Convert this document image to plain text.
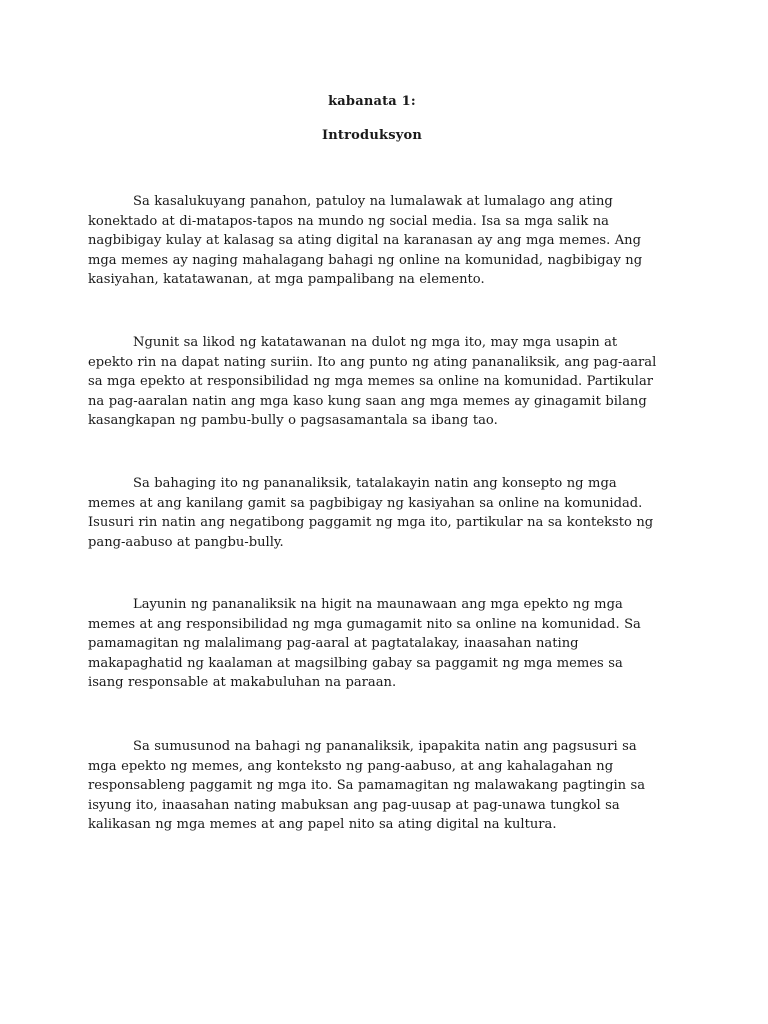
kabanata 1:
Introduksyon

Sa kasalukuyang panahon, patuloy na lumalawak at lumalago ang ating konektado at di-matapos-tapos na mundo ng social media. Isa sa mga salik na nagbibigay kulay at kalasag sa ating digital na karanasan ay ang mga memes. Ang mga memes ay naging mahalagang bahagi ng online na komunidad, nagbibigay ng kasiyahan, katatawanan, at mga pampalibang na elemento.

Ngunit sa likod ng katatawanan na dulot ng mga ito, may mga usapin at epekto rin na dapat nating suriin. Ito ang punto ng ating pananaliksik, ang pag-aaral sa mga epekto at responsibilidad ng mga memes sa online na komunidad. Partikular na pag-aaralan natin ang mga kaso kung saan ang mga memes ay ginagamit bilang kasangkapan ng pambu-bully o pagsasamantala sa ibang tao.

Sa bahaging ito ng pananaliksik, tatalakayin natin ang konsepto ng mga memes at ang kanilang gamit sa pagbibigay ng kasiyahan sa online na komunidad. Isusuri rin natin ang negatibong paggamit ng mga ito, partikular na sa konteksto ng pang-aabuso at pangbu-bully.

Layunin ng pananaliksik na higit na maunawaan ang mga epekto ng mga memes at ang responsibilidad ng mga gumagamit nito sa online na komunidad. Sa pamamagitan ng malalimang pag-aaral at pagtatalakay, inaasahan nating makapaghatid ng kaalaman at magsilbing gabay sa paggamit ng mga memes sa isang responsable at makabuluhan na paraan.

Sa sumusunod na bahagi ng pananaliksik, ipapakita natin ang pagsusuri sa mga epekto ng memes, ang konteksto ng pang-aabuso, at ang kahalagahan ng responsableng paggamit ng mga ito. Sa pamamagitan ng malawakang pagtingin sa isyung ito, inaasahan nating mabuksan ang pag-uusap at pag-unawa tungkol sa kalikasan ng mga memes at ang papel nito sa ating digital na kultura.
